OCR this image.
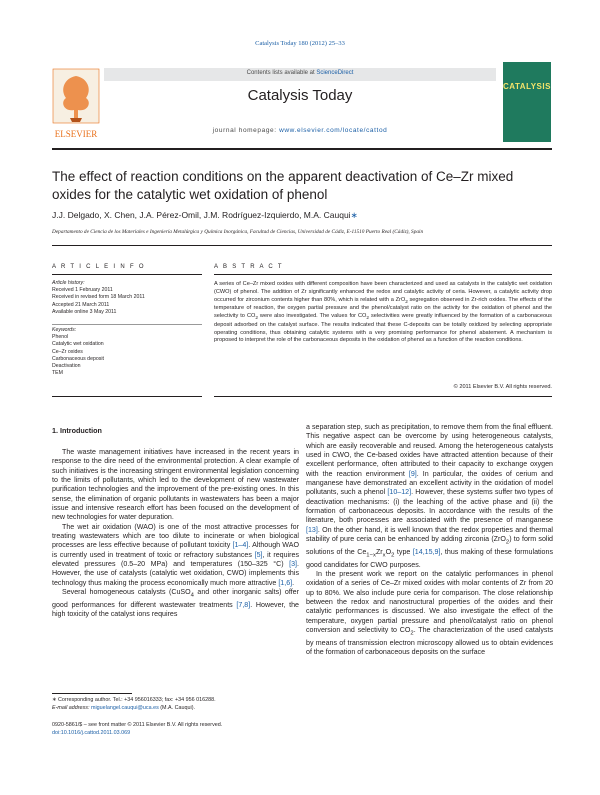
Catalysis Today 180 (2012) 25–33
ELSEVIER
Contents lists available at ScienceDirect
Catalysis Today
journal homepage: www.elsevier.com/locate/cattod
CATALYSIS
The effect of reaction conditions on the apparent deactivation of Ce–Zr mixed oxides for the catalytic wet oxidation of phenol
J.J. Delgado, X. Chen, J.A. Pérez-Omil, J.M. Rodríguez-Izquierdo, M.A. Cauqui∗
Departamento de Ciencia de los Materiales e Ingeniería Metalúrgica y Química Inorgánica, Facultad de Ciencias, Universidad de Cádiz, E-11510 Puerto Real (Cádiz), Spain
A R T I C L E I N F O	A B S T R A C T
Article history:
Received 1 February 2011
Received in revised form 18 March 2011
Accepted 21 March 2011
Available online 3 May 2011
Keywords:
Phenol
Catalytic wet oxidation
Ce–Zr oxides
Carbonaceous deposit
Deactivation
TEM
A series of Ce–Zr mixed oxides with different composition have been characterized and used as catalysts in the catalytic wet oxidation (CWO) of phenol. The addition of Zr significantly enhanced the redox and catalytic activity of ceria. However, a catalytic activity drop occurred for zirconium contents higher than 80%, which is related with a ZrO$_2$ segregation observed in Zr-rich oxides. The effects of the temperature of reaction, the oxygen partial pressure and the phenol/catalyst ratio on the activity for the oxidation of phenol and the selectivity to $CO_2$ were also investigated. The values for $CO_2$ selectivities were greatly influenced by the formation of a carbonaceous deposit adsorbed on the catalyst surface. The results indicated that these C-deposits can be totally oxidized by selecting appropriate operating conditions, thus obtaining catalytic systems with a very promising performance for phenol abatement. A mechanism is proposed to interpret the role of the carbonaceous deposits in the oxidation of phenol as a function of the reaction conditions.
© 2011 Elsevier B.V. All rights reserved.
1. Introduction

The waste management initiatives have increased in the recent years in response to the dire need of the environmental protection. A clear example of such initiatives is the increasing stringent environmental legislation concerning to the limits of pollutants, which led to the development of new wastewater purification technologies and the improvement of the pre-existing ones. In this sense, the elimination of organic pollutants in wastewaters has been a major issue and intensive research effort has been focused on the development of new technologies for water depuration.

The wet air oxidation (WAO) is one of the most attractive processes for treating wastewaters which are too dilute to incinerate or when biological processes are less effective because of pollutant toxicity [1–4]. Although WAO is currently used in treatment of toxic or refractory substances [5], it requires elevated pressures (0.5–20 MPa) and temperatures (150–325 °C) [3]. However, the use of catalysts (catalytic wet oxidation, CWO) implements this technology thus making the process economically much more attractive [1,6].

Several homogeneous catalysts (CuSO$_4$ and other inorganic salts) offer good performances for different wastewater treatments [7,8]. However, the high toxicity of the catalyst ions requires

a separation step, such as precipitation, to remove them from the final effluent. This negative aspect can be overcome by using heterogeneous catalysts, which are easily recoverable and reused. Among the heterogeneous catalysts used in CWO, the Ce-based oxides have attracted attention because of their excellent performance, often attributed to their capacity to exchange oxygen with the reaction environment [9]. In particular, the oxides of cerium and manganese have demonstrated an excellent activity in the oxidation of model pollutants, such a phenol [10–12]. However, these systems suffer two types of deactivation mechanisms: (i) the leaching of the active phase and (ii) the formation of carbonaceous deposits. In accordance with the results of the literature, both processes are associated with the presence of manganese [13]. On the other hand, it is well known that the redox properties and thermal stability of pure ceria can be enhanced by adding zirconia (ZrO$_2$) to form solid solutions of the $Ce_{1-x}Zr_xO_2$ type [14,15,9], thus making of these formulations good candidates for CWO purposes.

In the present work we report on the catalytic performances in phenol oxidation of a series of Ce–Zr mixed oxides with molar contents of Zr from 20 up to 80%. We also include pure ceria for comparison. The close relationship between the redox and nanostructural properties of the oxides and their catalytic performances is discussed. We also investigate the effect of the temperature, oxygen partial pressure and phenol/catalyst ratio on phenol conversion and selectivity to $CO_2$. The characterization of the used catalysts by means of transmission electron microscopy allowed us to obtain evidences of the formation of carbonaceous deposits on the surface

∗ Corresponding author. Tel.: +34 956016333; fax: +34 956 016288.
E-mail address: miguelangel.cauqui@uca.es (M.A. Cauqui).
0920-5861/$ – see front matter © 2011 Elsevier B.V. All rights reserved.
doi:10.1016/j.cattod.2011.03.069
